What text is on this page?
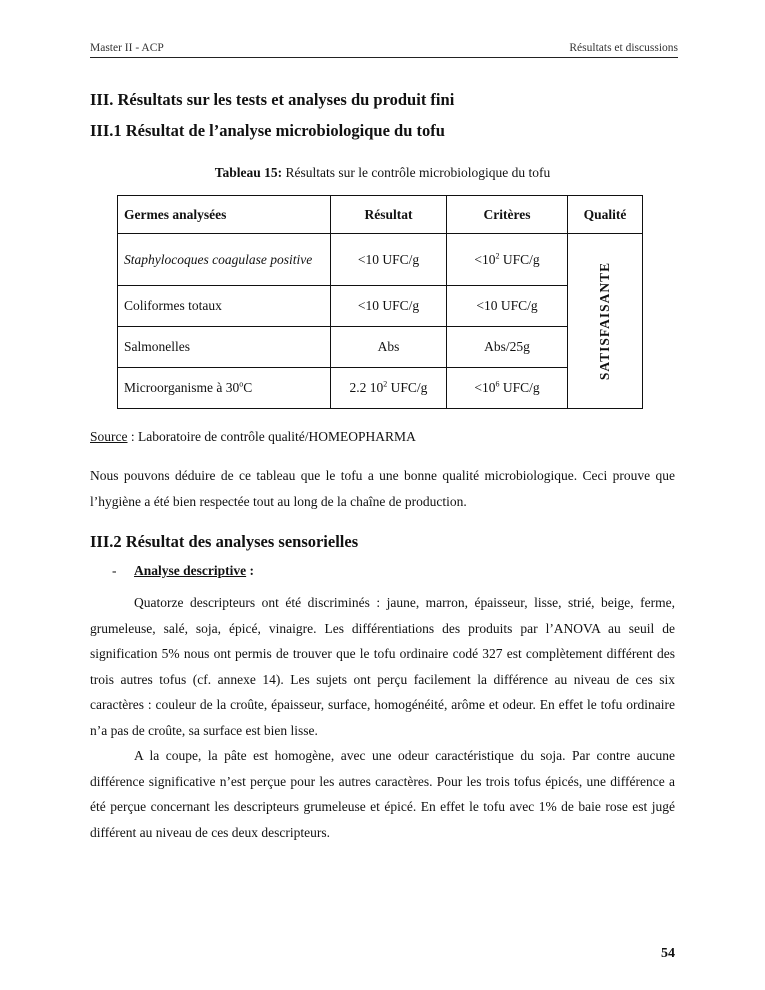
Master II - ACP	Résultats et discussions

III. Résultats sur les tests et analyses du produit fini
III.1 Résultat de l’analyse microbiologique du tofu
Tableau 15: Résultats sur le contrôle microbiologique du tofu
Germes analysées	Résultat	Critères	Qualité
Staphylocoques coagulase positive	<10 UFC/g	$<10^2$ UFC/g	SATISFAISANTE

Coliformes totaux	<10 UFC/g	<10 UFC/g	
Salmonelles	Abs	Abs/25g	
Microorganisme à 30$^o$C	2.2 $10^2$ UFC/g	$<10^6$ UFC/g	
Source : Laboratoire de contrôle qualité/HOMEOPHARMA
Nous pouvons déduire de ce tableau que le tofu a une bonne qualité microbiologique. Ceci prouve que l’hygiène a été bien respectée tout au long de la chaîne de production.
III.2 Résultat des analyses sensorielles
- Analyse descriptive :
Quatorze descripteurs ont été discriminés : jaune, marron, épaisseur, lisse, strié, beige, ferme, grumeleuse, salé, soja, épicé, vinaigre. Les différentiations des produits par l’ANOVA au seuil de signification 5% nous ont permis de trouver que le tofu ordinaire codé 327 est complètement différent des trois autres tofus (cf. annexe 14). Les sujets ont perçu facilement la différence au niveau de ces six caractères : couleur de la croûte, épaisseur, surface, homogénéité, arôme et odeur. En effet le tofu ordinaire n’a pas de croûte, sa surface est bien lisse.
A la coupe, la pâte est homogène, avec une odeur caractéristique du soja. Par contre aucune différence significative n’est perçue pour les autres caractères. Pour les trois tofus épicés, une différence a été perçue concernant les descripteurs grumeleuse et épicé. En effet le tofu avec 1% de baie rose est jugé différent au niveau de ces deux descripteurs.
54
